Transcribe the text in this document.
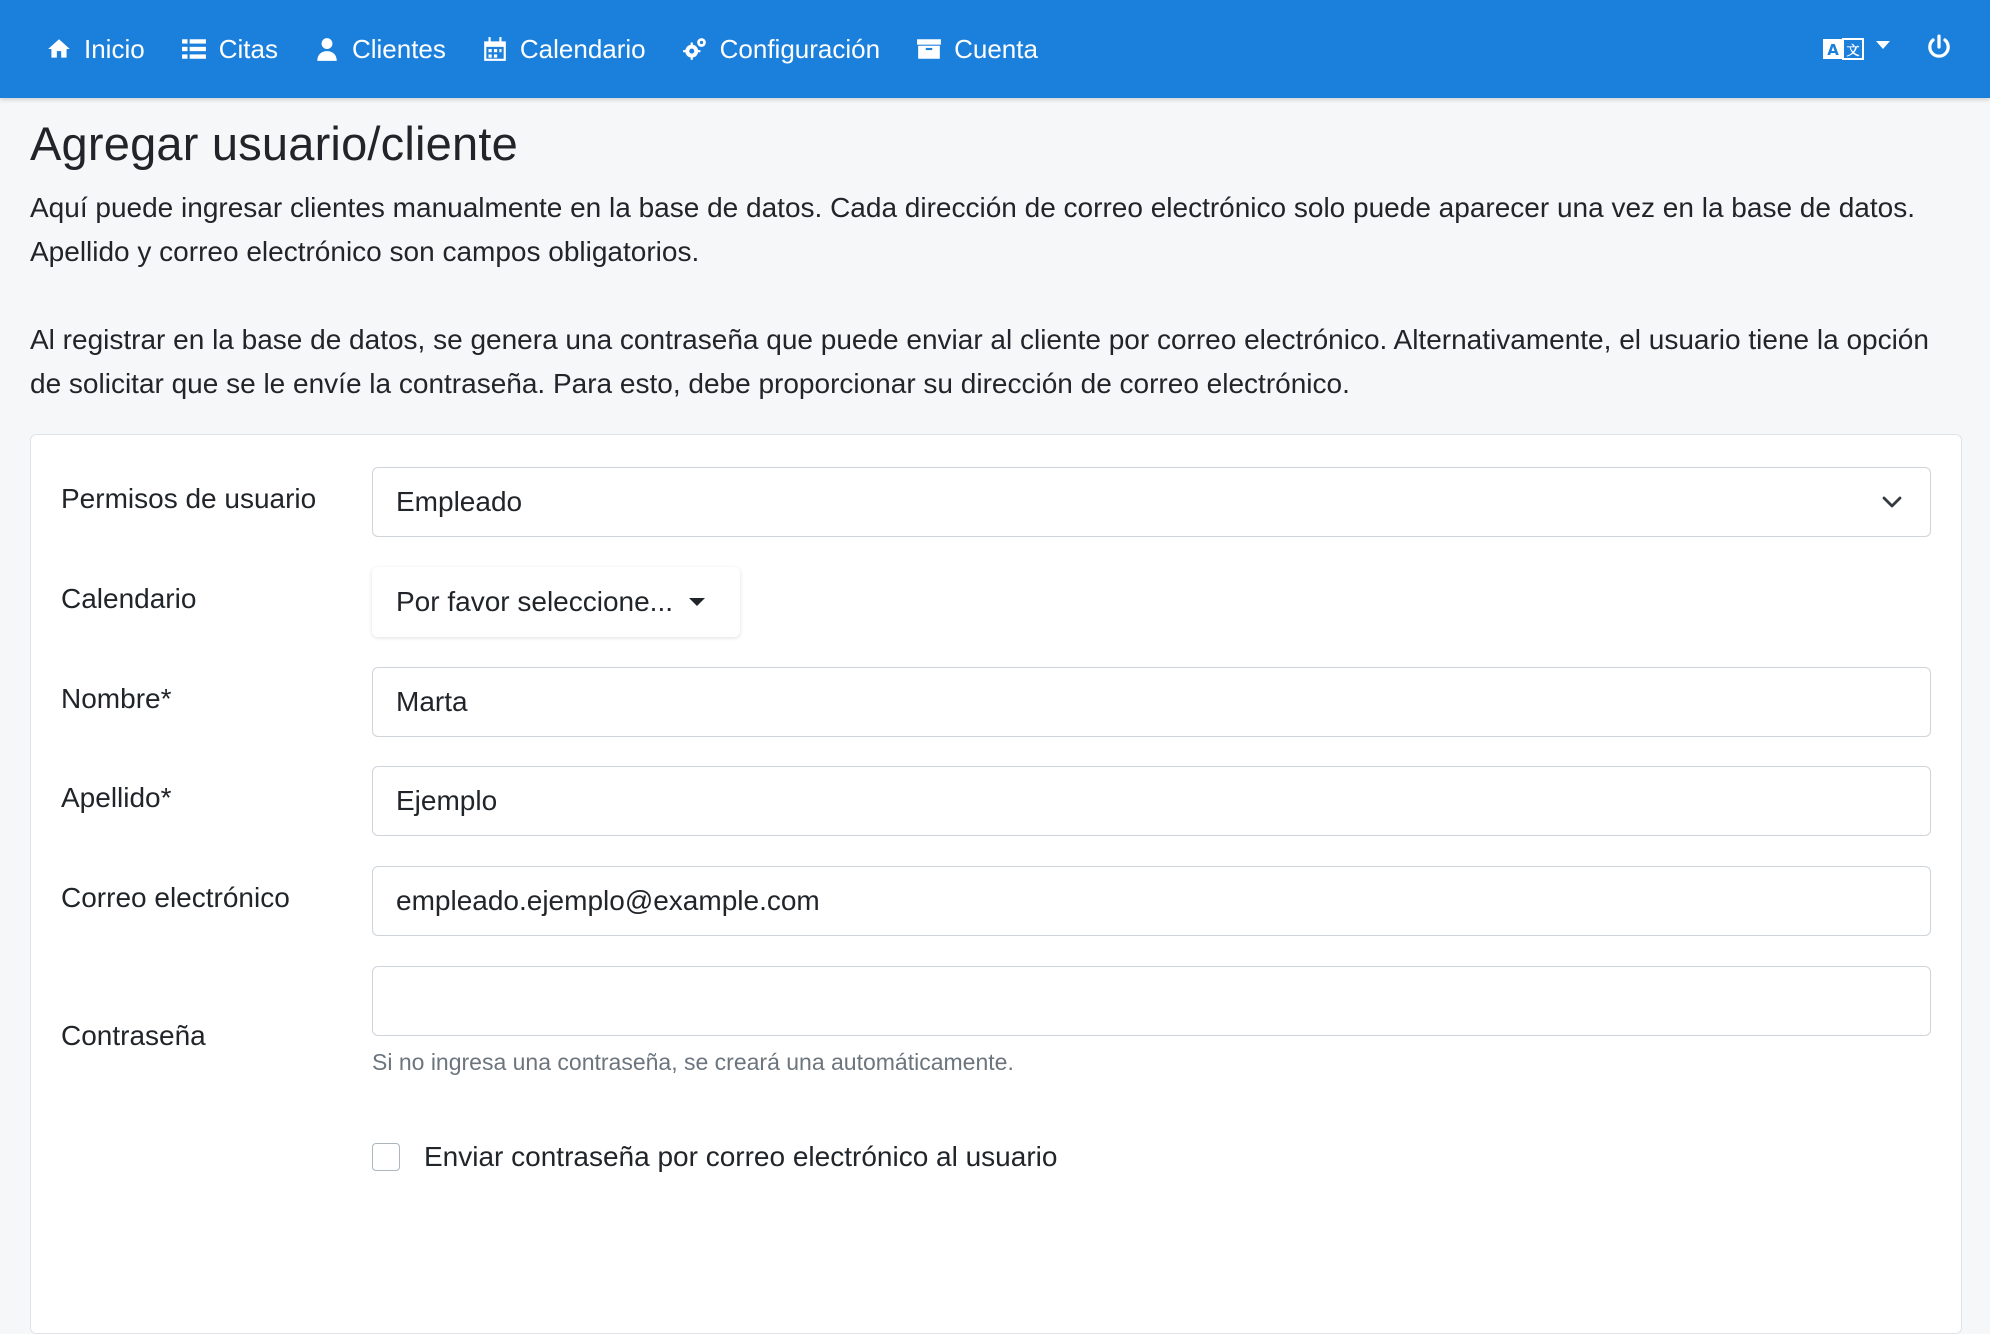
Inicio	Citas	Clientes	Calendario	Configuración	Cuenta	A 文
Agregar usuario/cliente

Aquí puede ingresar clientes manualmente en la base de datos. Cada dirección de correo electrónico solo puede aparecer una vez en la base de datos. Apellido y correo electrónico son campos obligatorios.

Al registrar en la base de datos, se genera una contraseña que puede enviar al cliente por correo electrónico. Alternativamente, el usuario tiene la opción de solicitar que se le envíe la contraseña. Para esto, debe proporcionar su dirección de correo electrónico.

Permisos de usuario	Empleado
Calendario	Por favor seleccione...
Nombre*	Marta
Apellido*	Ejemplo
Correo electrónico	empleado.ejemplo@example.com
Contraseña
Si no ingresa una contraseña, se creará una automáticamente.
Enviar contraseña por correo electrónico al usuario
